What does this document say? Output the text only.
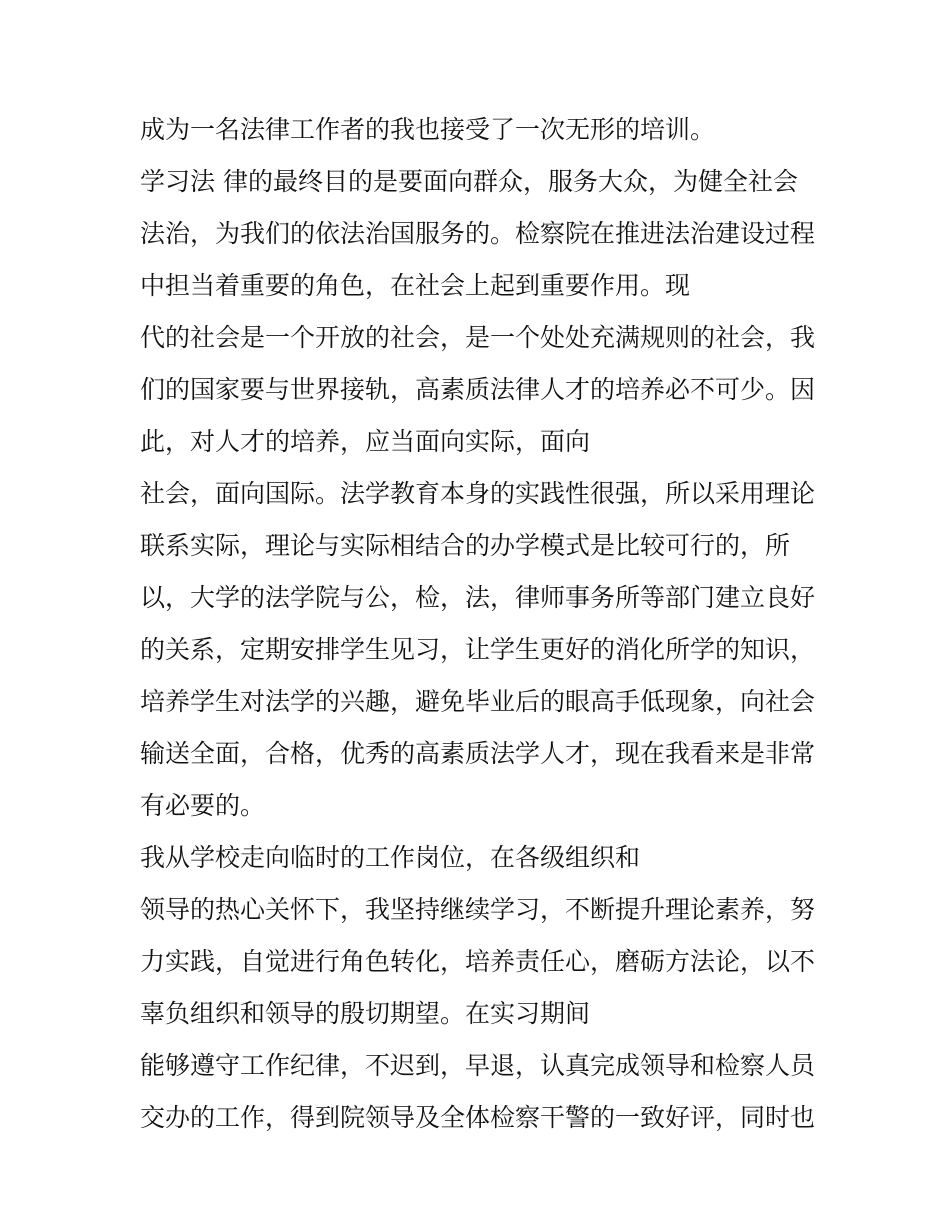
成为一名法律工作者的我也接受了一次无形的培训。
学习法 律的最终目的是要面向群众，服务大众，为健全社会
法治，为我们的依法治国服务的。检察院在推进法治建设过程
中担当着重要的角色，在社会上起到重要作用。现
代的社会是一个开放的社会，是一个处处充满规则的社会，我
们的国家要与世界接轨，高素质法律人才的培养必不可少。因
此，对人才的培养，应当面向实际，面向
社会，面向国际。法学教育本身的实践性很强，所以采用理论
联系实际，理论与实际相结合的办学模式是比较可行的，所
以，大学的法学院与公，检，法，律师事务所等部门建立良好
的关系，定期安排学生见习，让学生更好的消化所学的知识，
培养学生对法学的兴趣，避免毕业后的眼高手低现象，向社会
输送全面，合格，优秀的高素质法学人才，现在我看来是非常
有必要的。
我从学校走向临时的工作岗位，在各级组织和
领导的热心关怀下，我坚持继续学习，不断提升理论素养，努
力实践，自觉进行角色转化，培养责任心，磨砺方法论，以不
辜负组织和领导的殷切期望。在实习期间
能够遵守工作纪律，不迟到，早退，认真完成领导和检察人员
交办的工作，得到院领导及全体检察干警的一致好评，同时也
